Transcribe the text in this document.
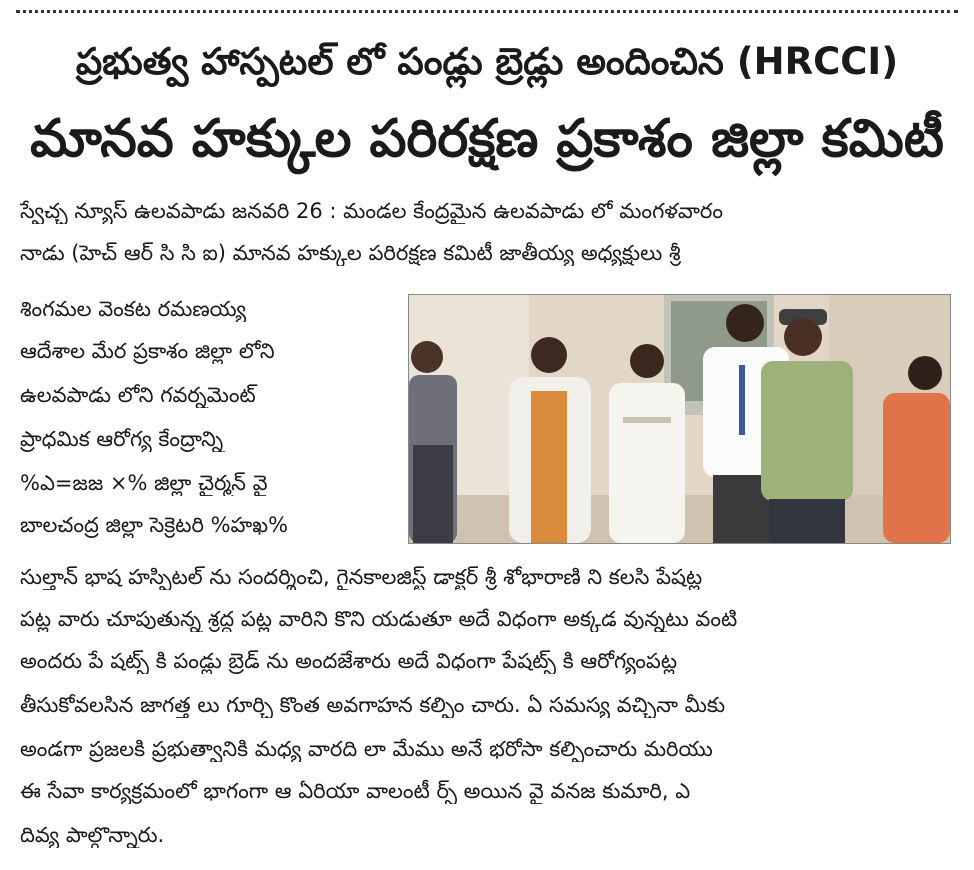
ప్రభుత్వ హాస్పటల్ లో పండ్లు బ్రెడ్లు అందించిన (HRCCI)
మానవ హక్కుల పరిరక్షణ ప్రకాశం జిల్లా కమిటీ
స్వేచ్ఛ న్యూస్ ఉలవపాడు జనవరి 26 : మండల కేంద్రమైన ఉలవపాడు లో మంగళవారం
నాడు (హెచ్ ఆర్ సి సి ఐ) మానవ హక్కుల పరిరక్షణ కమిటీ జాతీయ్య అధ్యక్షులు శ్రీ
శింగమల వెంకట రమణయ్య
ఆదేశాల మేర ప్రకాశం జిల్లా లోని
ఉలవపాడు లోని గవర్నమెంట్
ప్రాధమిక ఆరోగ్య కేంద్రాన్ని
%ఎ=జజ ×% జిల్లా చైర్మన్ వై
బాలచంద్ర జిల్లా సెక్రెటరి %హఖ%
సుల్తాన్ భాష హస్పిటల్ ను సందర్శించి, గైనకాలజిస్ట్ డాక్టర్ శ్రీ శోభారాణి ని కలసి పేషట్ల
పట్ల వారు చూపుతున్న శ్రద్ధ పట్ల వారిని కొని యడుతూ అదే విధంగా అక్కడ వున్నటు వంటి
అందరు పే షట్స్ కి పండ్లు బ్రెడ్ ను అందజేశారు అదే విధంగా పేషట్స్ కి ఆరోగ్యంపట్ల
తీసుకోవలసిన జాగత్త లు గూర్చి కొంత అవగాహన కల్పిం చారు. ఏ సమస్య వచ్చినా మీకు
అండగా ప్రజలకి ప్రభుత్వానికి మధ్య వారది లా మేము అనే భరోసా కల్పించారు మరియు
ఈ సేవా కార్యక్రమంలో భాగంగా ఆ ఏరియా వాలంటీ ర్స్ అయిన వై వనజ కుమారి, ఎ
దివ్య పాల్గొన్నారు.
